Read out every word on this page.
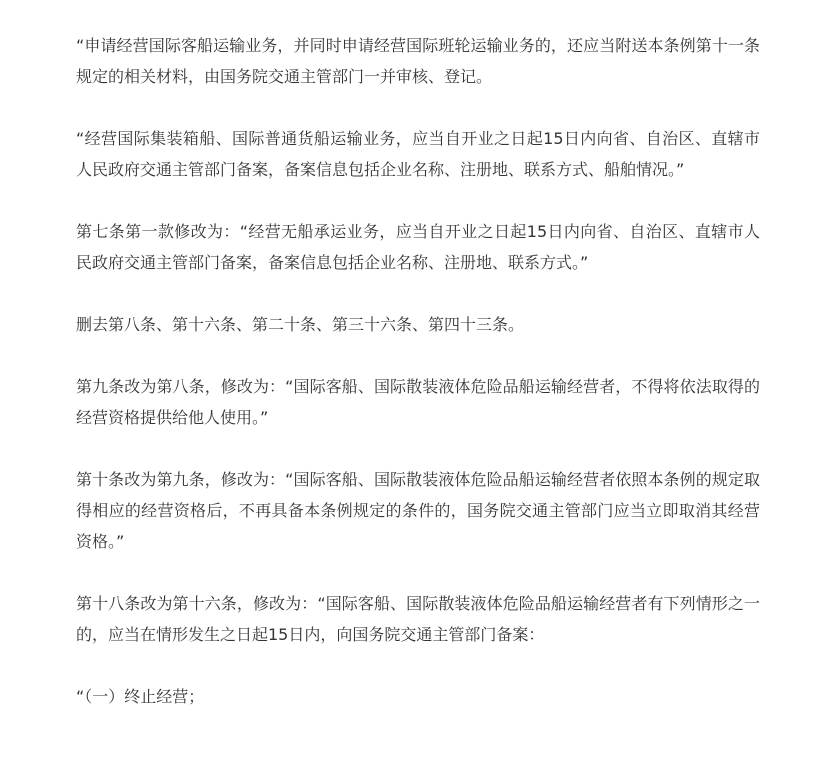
“申请经营国际客船运输业务，并同时申请经营国际班轮运输业务的，还应当附送本条例第十一条规定的相关材料，由国务院交通主管部门一并审核、登记。

“经营国际集装箱船、国际普通货船运输业务，应当自开业之日起15日内向省、自治区、直辖市人民政府交通主管部门备案，备案信息包括企业名称、注册地、联系方式、船舶情况。”

第七条第一款修改为：“经营无船承运业务，应当自开业之日起15日内向省、自治区、直辖市人民政府交通主管部门备案，备案信息包括企业名称、注册地、联系方式。”

删去第八条、第十六条、第二十条、第三十六条、第四十三条。

第九条改为第八条，修改为：“国际客船、国际散装液体危险品船运输经营者，不得将依法取得的经营资格提供给他人使用。”

第十条改为第九条，修改为：“国际客船、国际散装液体危险品船运输经营者依照本条例的规定取得相应的经营资格后，不再具备本条例规定的条件的，国务院交通主管部门应当立即取消其经营资格。”

第十八条改为第十六条，修改为：“国际客船、国际散装液体危险品船运输经营者有下列情形之一的，应当在情形发生之日起15日内，向国务院交通主管部门备案：

“（一）终止经营；
